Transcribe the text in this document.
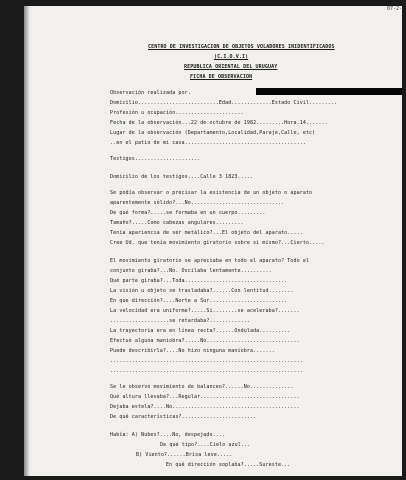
07-2-
CENTRO DE INVESTIGACION DE OBJETOS VOLADORES INIDENTIFICADOS
(C.I.O.V.I)
REPUBLICA ORIENTAL DEL URUGUAY
FICHA DE OBSERVACION
Observación realizada por.
Domicilio..........................Edad.............Estado Civil.........
Profesión u ocupación......................
Fecha de la observación...22 de octubre de 1982.........Hora.14.......
Lugar de la observación (Departamento,Localidad,Paraje,Calle, etc)
..en el patio de mi casa.......................................
Testigos.....................
Domicilio de los testigos....Calle 3 1823.....
Se podía observar o precisar la existencia de un objeto o aparato
aparentemente sólido?...No..............................
De qué forma?.....se formaba en un cuerpo.........
Tamaño?.....Como cabezas angulares.........
Tenía apariencia de ser metálico?...El objeto del aparato.....
Cree Ud. que tenía movimiento giratorio sobre si mismo?...Cierto.....
El movimiento giratorio se apreciaba en todo el aparato? Todo el
conjunto giraba?...No. Oscilaba lentamente..........
Qué parte giraba?...Toda.................................
La visión u objeto se trasladaba?......Con lentitud........
En que dirección?....Norte a Sur.........................
La velocidad era uniforme?.....Si........se aceleraba?.......
...................se retardaba?.............
La trayectoria era en línea recta?......Ondulada..........
Efectuó alguna maniobra?.....No..............................
Puede describirla?....No hizo ninguna maniobra.......
..............................................................
..............................................................
Se le observó movimiento de balanceo?......No..............
Qué altura llevaba?...Regular................................
Dejaba estela?....No.........................................
De qué características?........................
Había: A) Nubes?....No, despejado....
De qué tipo?....Cielo azul...
B) Viento?......Brisa leve.....
En qué dirección soplaba?.....Sureste...
